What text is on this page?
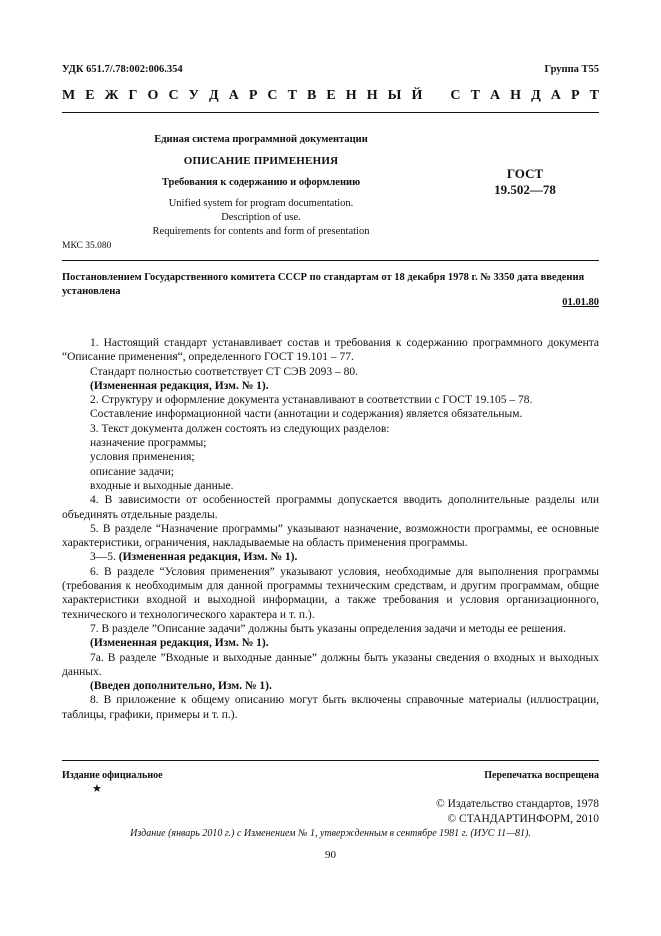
УДК 651.7/.78:002:006.354	Группа Т55
М Е Ж Г О С У Д А Р С Т В Е Н Н Ы Й С Т А Н Д А Р Т
Единая система программной документации
ОПИСАНИЕ ПРИМЕНЕНИЯ
Требования к содержанию и оформлению
Unified system for program documentation.
Description of use.
Requirements for contents and form of presentation
ГОСТ
19.502—78
МКС 35.080
Постановлением Государственного комитета СССР по стандартам от 18 декабря 1978 г. № 3350 дата введения установлена
01.01.80

1. Настоящий стандарт устанавливает состав и требования к содержанию программного документа “Описание применения“, определенного ГОСТ 19.101 – 77.

Стандарт полностью соответствует СТ СЭВ 2093 – 80.

(Измененная редакция, Изм. № 1).

2. Структуру и оформление документа устанавливают в соответствии с ГОСТ 19.105 – 78.

Составление информационной части (аннотации и содержания) является обязательным.

3. Текст документа должен состоять из следующих разделов:

назначение программы;

условия применения;

описание задачи;

входные и выходные данные.

4. В зависимости от особенностей программы допускается вводить дополнительные разделы или объединять отдельные разделы.

5. В разделе “Назначение программы” указывают назначение, возможности программы, ее основные характеристики, ограничения, накладываемые на область применения программы.

3—5. (Измененная редакция, Изм. № 1).

6. В разделе “Условия применения” указывают условия, необходимые для выполнения программы (требования к необходимым для данной программы техническим средствам, и другим программам, общие характеристики входной и выходной информации, а также требования и условия организационного, технического и технологического характера и т. п.).

7. В разделе ”Описание задачи” должны быть указаны определения задачи и методы ее решения.

(Измененная редакция, Изм. № 1).

7а. В разделе ”Входные и выходные данные” должны быть указаны сведения о входных и выходных данных.

(Введен дополнительно, Изм. № 1).

8. В приложение к общему описанию могут быть включены справочные материалы (иллюстрации, таблицы, графики, примеры и т. п.).

Издание официальное
★
Перепечатка воспрещена
© Издательство стандартов, 1978
© СТАНДАРТИНФОРМ, 2010
Издание (январь 2010 г.) с Изменением № 1, утвержденным в сентябре 1981 г. (ИУС 11—81).
90
